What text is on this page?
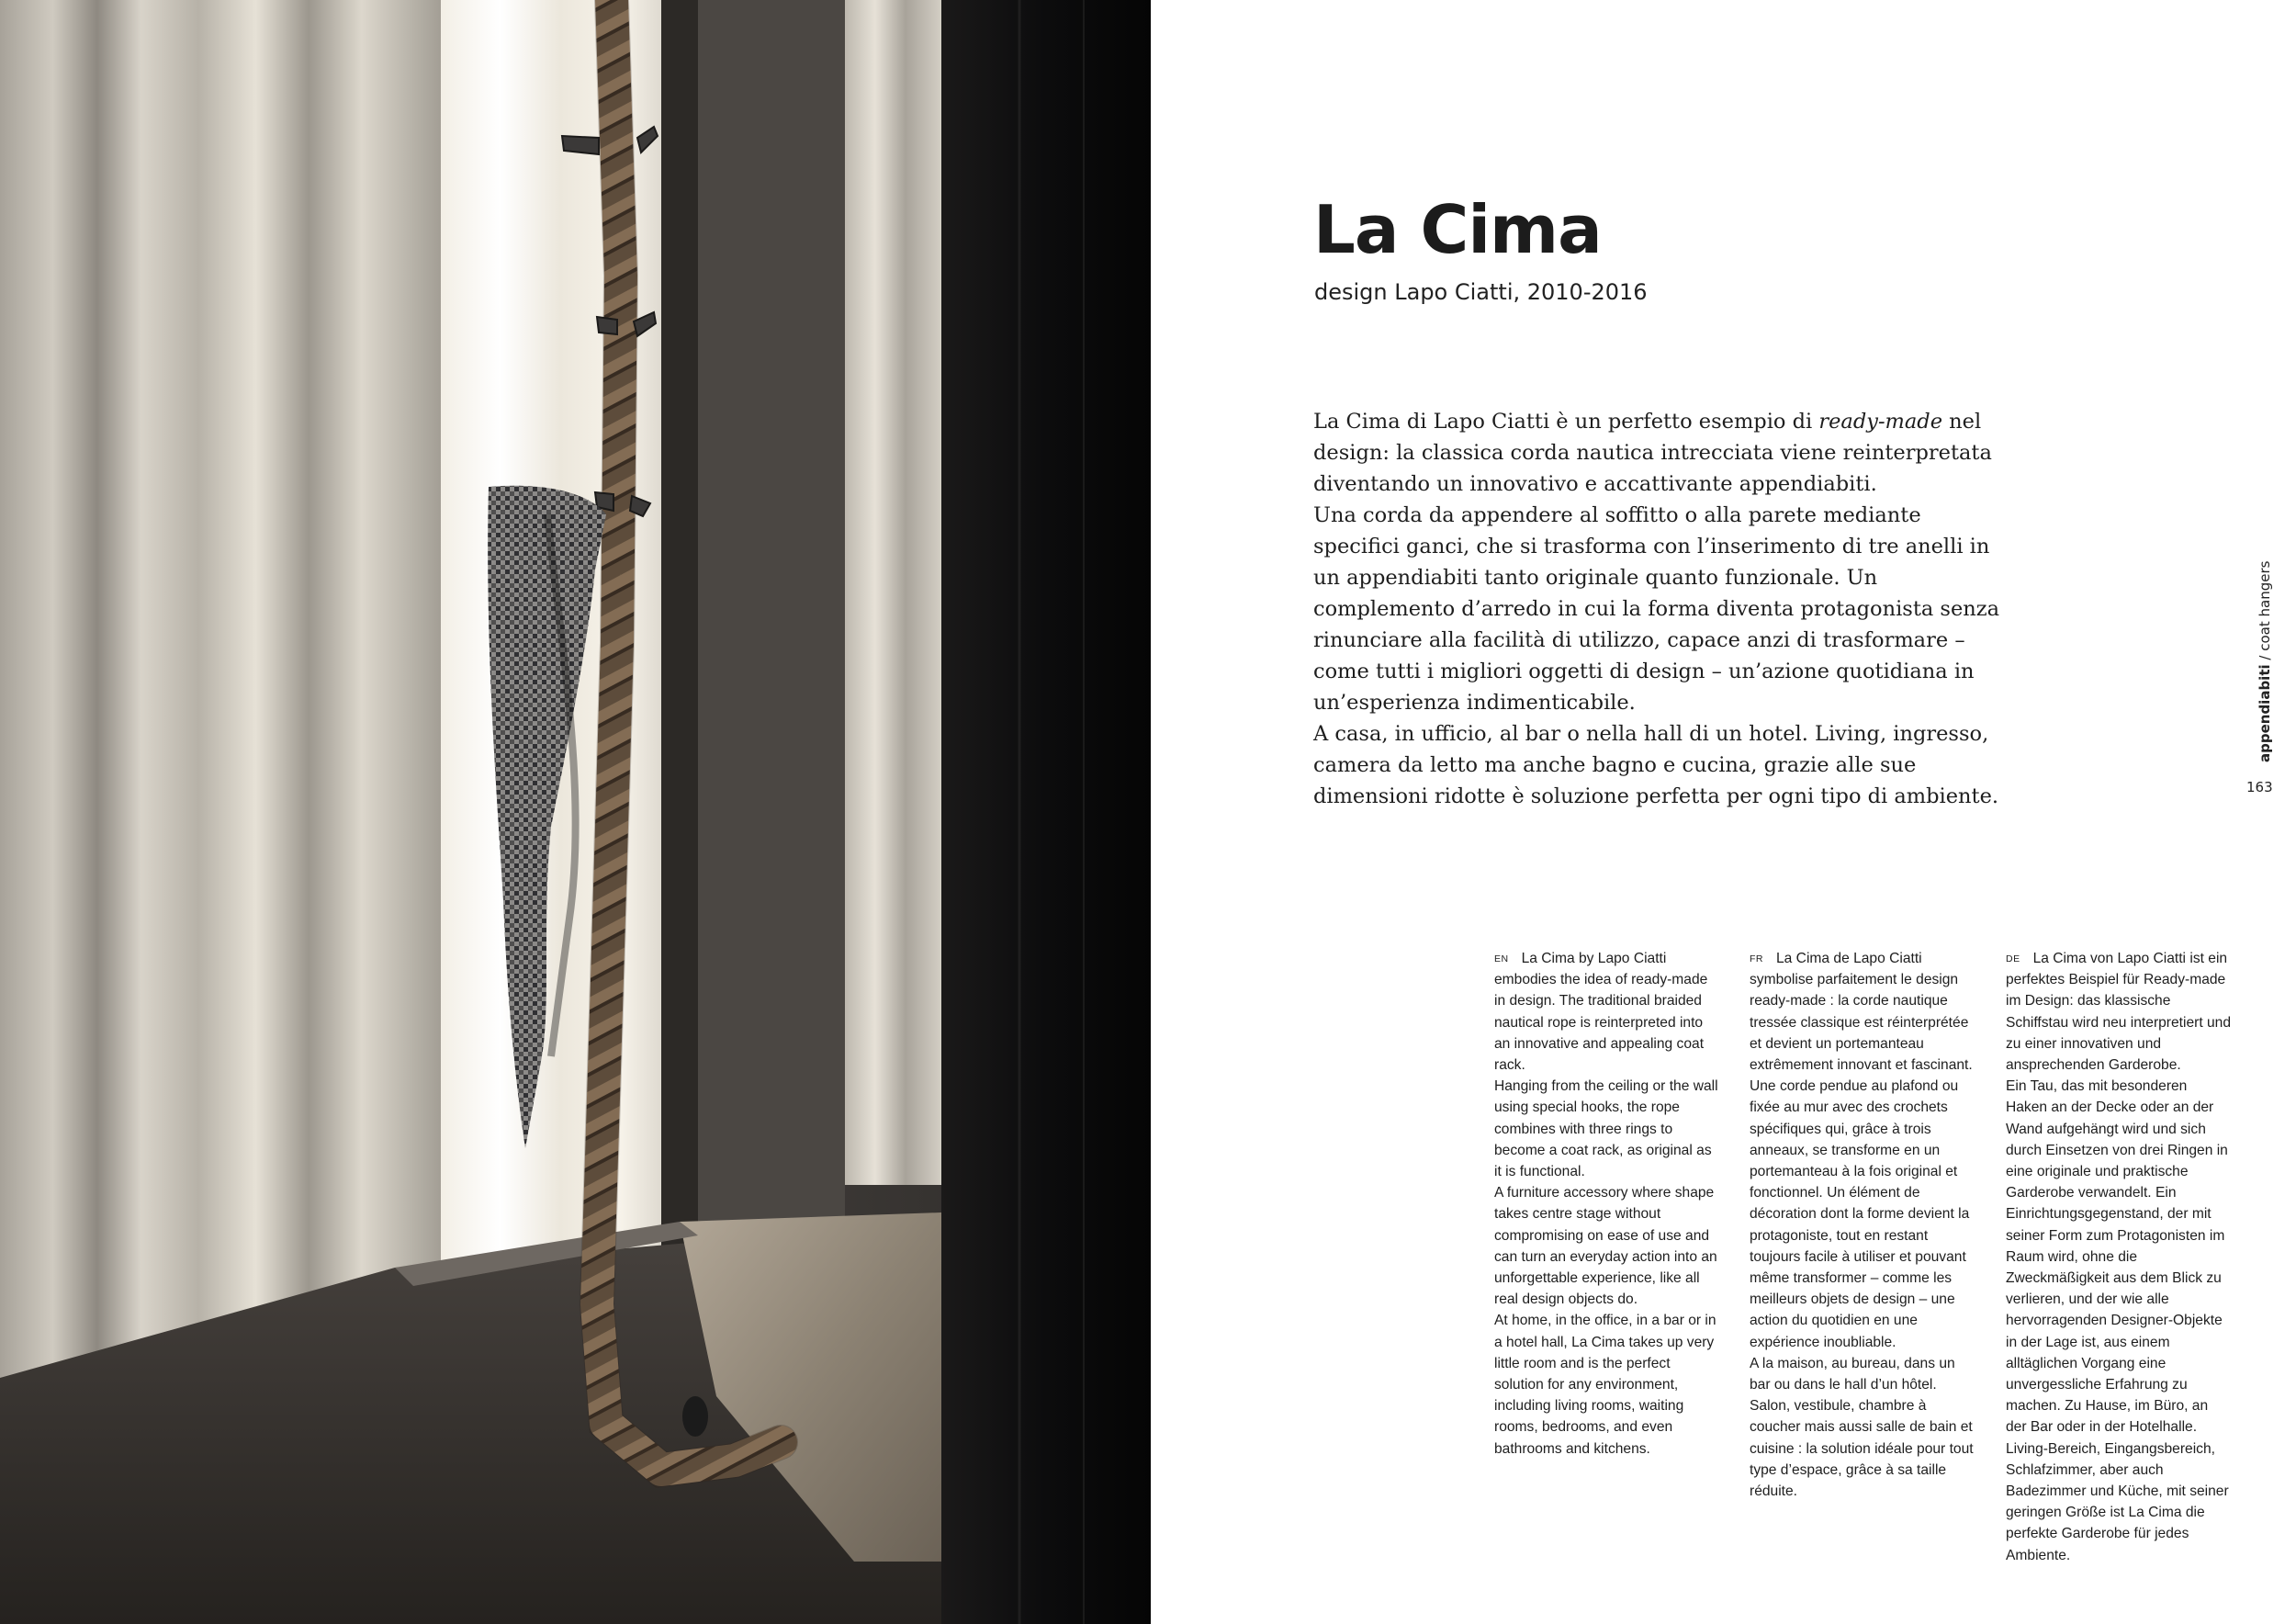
La Cima
design Lapo Ciatti, 2010-2016

La Cima di Lapo Ciatti è un perfetto esempio di ready-made nel design: la classica corda nautica intrecciata viene reinterpretata diventando un innovativo e accattivante appendiabiti.

Una corda da appendere al soffitto o alla parete mediante specifici ganci, che si trasforma con l’inserimento di tre anelli in un appendiabiti tanto originale quanto funzionale. Un complemento d’arredo in cui la forma diventa protagonista senza rinunciare alla facilità di utilizzo, capace anzi di trasformare – come tutti i migliori oggetti di design – un’azione quotidiana in un’esperienza indimenticabile.

A casa, in ufficio, al bar o nella hall di un hotel. Living, ingresso, camera da letto ma anche bagno e cucina, grazie alle sue dimensioni ridotte è soluzione perfetta per ogni tipo di ambiente.

appendiabiti / coat hangers
163

$^{EN}$ La Cima by Lapo Ciatti embodies the idea of ready-made in design. The traditional braided nautical rope is reinterpreted into an innovative and appealing coat rack.

Hanging from the ceiling or the wall using special hooks, the rope combines with three rings to become a coat rack, as original as it is functional.

A furniture accessory where shape takes centre stage without compromising on ease of use and can turn an everyday action into an unforgettable experience, like all real design objects do.

At home, in the office, in a bar or in a hotel hall, La Cima takes up very little room and is the perfect solution for any environment, including living rooms, waiting rooms, bedrooms, and even bathrooms and kitchens.

$^{FR}$ La Cima de Lapo Ciatti symbolise parfaitement le design ready-made : la corde nautique tressée classique est réinterprétée et devient un portemanteau extrêmement innovant et fascinant.

Une corde pendue au plafond ou fixée au mur avec des crochets spécifiques qui, grâce à trois anneaux, se transforme en un portemanteau à la fois original et fonctionnel. Un élément de décoration dont la forme devient la protagoniste, tout en restant toujours facile à utiliser et pouvant même transformer – comme les meilleurs objets de design – une action du quotidien en une expérience inoubliable.

A la maison, au bureau, dans un bar ou dans le hall d’un hôtel. Salon, vestibule, chambre à coucher mais aussi salle de bain et cuisine : la solution idéale pour tout type d’espace, grâce à sa taille réduite.

$^{DE}$ La Cima von Lapo Ciatti ist ein perfektes Beispiel für Ready-made im Design: das klassische Schiffstau wird neu interpretiert und zu einer innovativen und ansprechenden Garderobe.

Ein Tau, das mit besonderen Haken an der Decke oder an der Wand aufgehängt wird und sich durch Einsetzen von drei Ringen in eine originale und praktische Garderobe verwandelt. Ein Einrichtungsgegenstand, der mit seiner Form zum Protagonisten im Raum wird, ohne die Zweckmäßigkeit aus dem Blick zu verlieren, und der wie alle hervorragenden Designer-Objekte in der Lage ist, aus einem alltäglichen Vorgang eine unvergessliche Erfahrung zu machen. Zu Hause, im Büro, an der Bar oder in der Hotelhalle. Living-Bereich, Eingangsbereich, Schlafzimmer, aber auch Badezimmer und Küche, mit seiner geringen Größe ist La Cima die perfekte Garderobe für jedes Ambiente.
